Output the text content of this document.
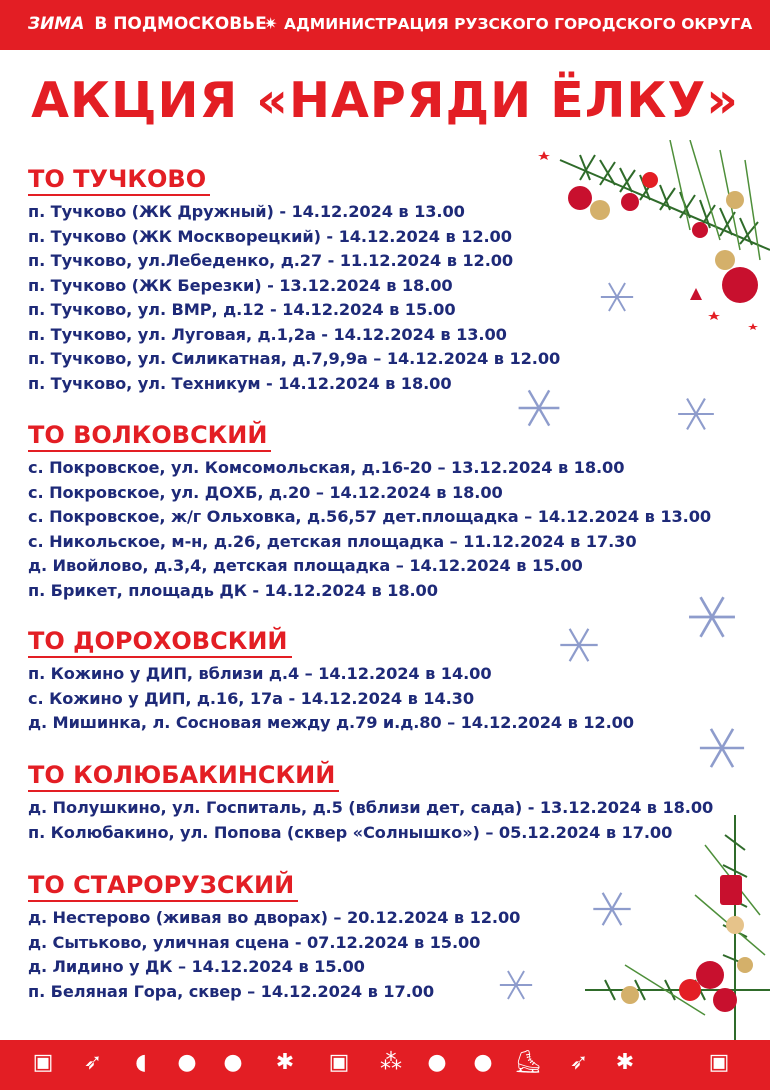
ЗИМА В ПОДМОСКОВЬЕ
✷ АДМИНИСТРАЦИЯ РУЗСКОГО ГОРОДСКОГО ОКРУГА
АКЦИЯ «НАРЯДИ ЁЛКУ»
ТО ТУЧКОВО
п. Тучково (ЖК Дружный) - 14.12.2024 в 13.00
п. Тучково (ЖК Москворецкий) - 14.12.2024 в 12.00
п. Тучково, ул.Лебеденко, д.27 - 11.12.2024 в 12.00
п. Тучково (ЖК Березки) - 13.12.2024 в 18.00
п. Тучково, ул. ВМР, д.12 - 14.12.2024 в 15.00
п. Тучково, ул. Луговая, д.1,2а - 14.12.2024 в 13.00
п. Тучково, ул. Силикатная, д.7,9,9а – 14.12.2024 в 12.00
п. Тучково, ул. Техникум - 14.12.2024 в 18.00
ТО ВОЛКОВСКИЙ
с. Покровское, ул. Комсомольская, д.16-20 – 13.12.2024 в 18.00
с. Покровское, ул. ДОХБ, д.20 – 14.12.2024 в 18.00
с. Покровское, ж/г Ольховка, д.56,57 дет.площадка – 14.12.2024 в 13.00
с. Никольское, м-н, д.26, детская площадка – 11.12.2024 в 17.30
д. Ивойлово, д.3,4, детская площадка – 14.12.2024 в 15.00
п. Брикет, площадь ДК - 14.12.2024 в 18.00
ТО ДОРОХОВСКИЙ
п. Кожино у ДИП, вблизи д.4 – 14.12.2024 в 14.00
с. Кожино у ДИП, д.16, 17а - 14.12.2024 в 14.30
д. Мишинка, л. Сосновая между д.79 и.д.80 – 14.12.2024 в 12.00
ТО КОЛЮБАКИНСКИЙ
д. Полушкино, ул. Госпиталь, д.5 (вблизи дет, сада) - 13.12.2024 в 18.00
п. Колюбакино, ул. Попова (сквер «Солнышко») – 05.12.2024 в 17.00
ТО СТАРОРУЗСКИЙ
д. Нестерово (живая во дворах) – 20.12.2024 в 12.00
д. Сытьково, уличная сцена - 07.12.2024 в 15.00
д. Лидино у ДК – 14.12.2024 в 15.00
п. Беляная Гора, сквер – 14.12.2024 в 17.00
▣ ➶	◖	● ● ✱ ▣ ⁂ ● ● ⛸ ➶ ✱	▣
